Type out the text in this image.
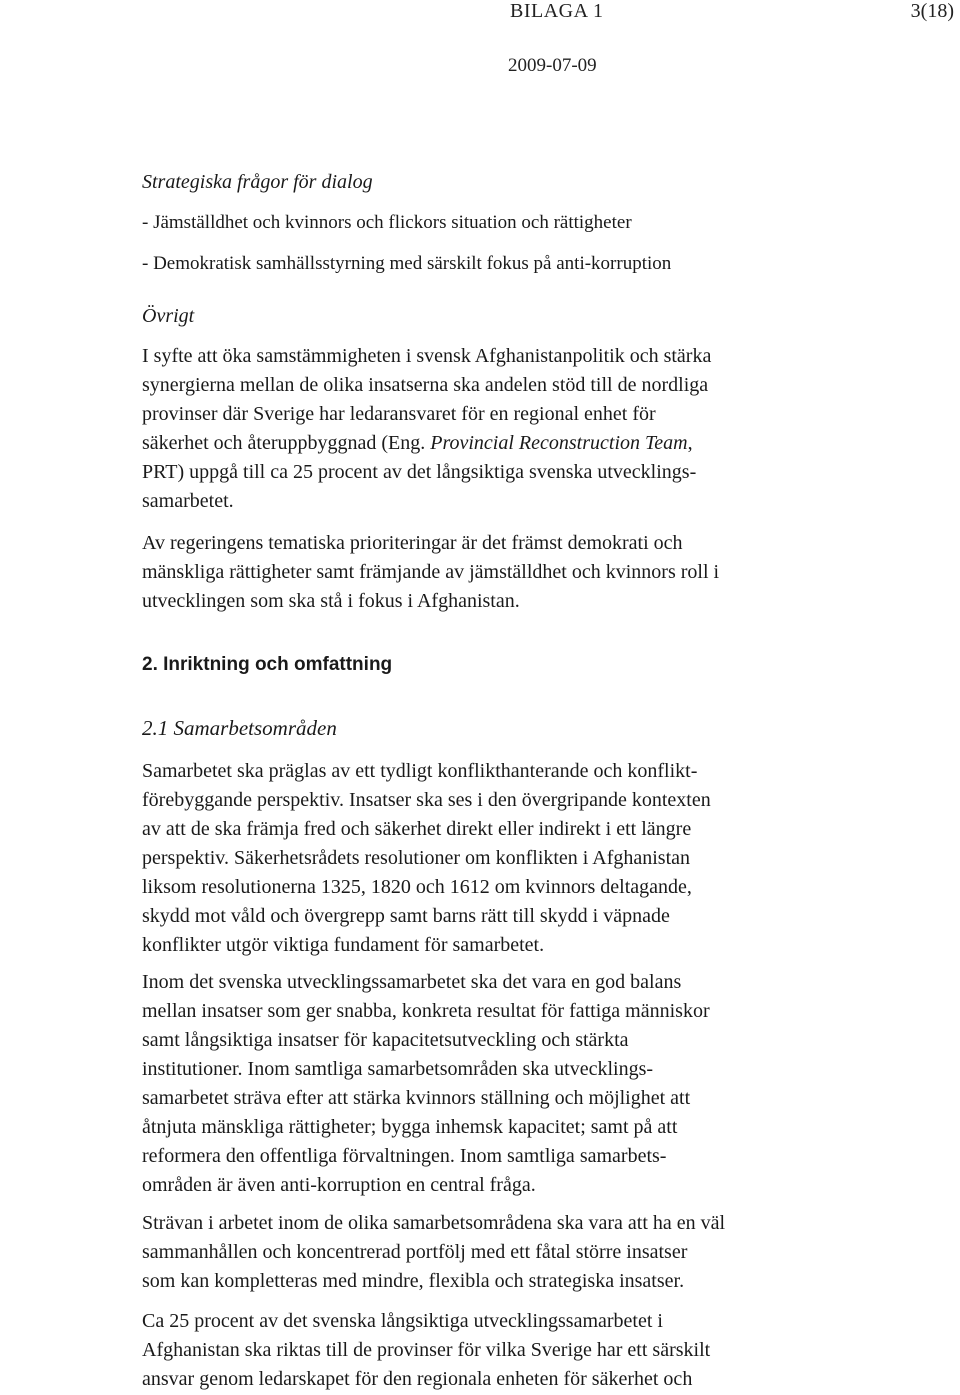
BILAGA 1	3(18)
2009-07-09
Strategiska frågor för dialog
- Jämställdhet och kvinnors och flickors situation och rättigheter
- Demokratisk samhällsstyrning med särskilt fokus på anti-korruption
Övrigt
I syfte att öka samstämmigheten i svensk Afghanistanpolitik och stärka
synergierna mellan de olika insatserna ska andelen stöd till de nordliga
provinser där Sverige har ledaransvaret för en regional enhet för
säkerhet och återuppbyggnad (Eng. Provincial Reconstruction Team,
PRT) uppgå till ca 25 procent av det långsiktiga svenska utvecklings-
samarbetet.
Av regeringens tematiska prioriteringar är det främst demokrati och
mänskliga rättigheter samt främjande av jämställdhet och kvinnors roll i
utvecklingen som ska stå i fokus i Afghanistan.
2. Inriktning och omfattning
2.1 Samarbetsområden
Samarbetet ska präglas av ett tydligt konflikthanterande och konflikt-
förebyggande perspektiv. Insatser ska ses i den övergripande kontexten
av att de ska främja fred och säkerhet direkt eller indirekt i ett längre
perspektiv. Säkerhetsrådets resolutioner om konflikten i Afghanistan
liksom resolutionerna 1325, 1820 och 1612 om kvinnors deltagande,
skydd mot våld och övergrepp samt barns rätt till skydd i väpnade
konflikter utgör viktiga fundament för samarbetet.
Inom det svenska utvecklingssamarbetet ska det vara en god balans
mellan insatser som ger snabba, konkreta resultat för fattiga människor
samt långsiktiga insatser för kapacitetsutveckling och stärkta
institutioner. Inom samtliga samarbetsområden ska utvecklings-
samarbetet sträva efter att stärka kvinnors ställning och möjlighet att
åtnjuta mänskliga rättigheter; bygga inhemsk kapacitet; samt på att
reformera den offentliga förvaltningen. Inom samtliga samarbets-
områden är även anti-korruption en central fråga.
Strävan i arbetet inom de olika samarbetsområdena ska vara att ha en väl
sammanhållen och koncentrerad portfölj med ett fåtal större insatser
som kan kompletteras med mindre, flexibla och strategiska insatser.
Ca 25 procent av det svenska långsiktiga utvecklingssamarbetet i
Afghanistan ska riktas till de provinser för vilka Sverige har ett särskilt
ansvar genom ledarskapet för den regionala enheten för säkerhet och
